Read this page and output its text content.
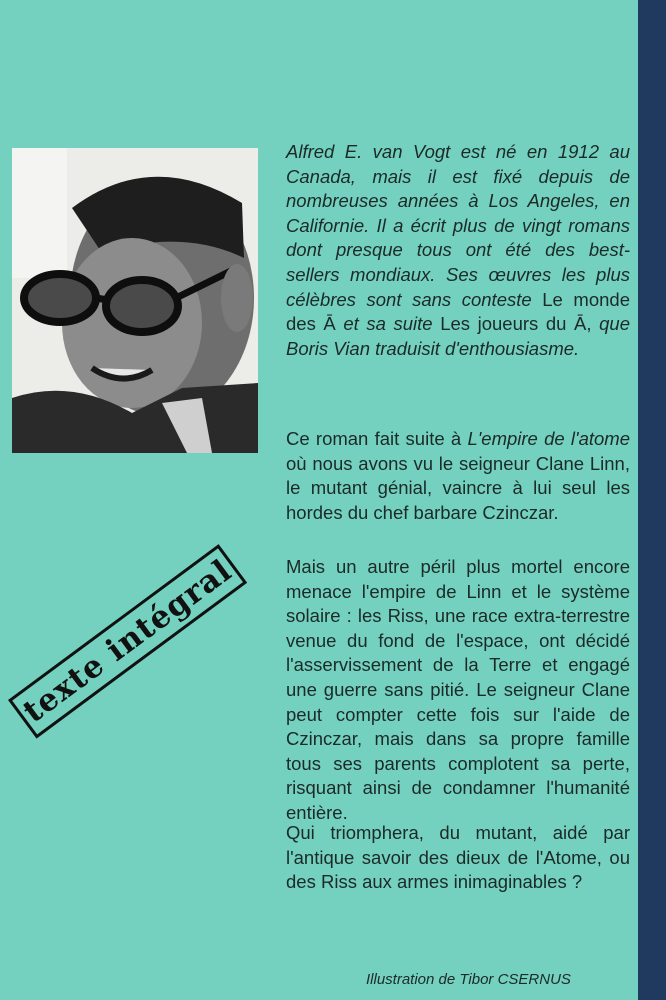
Alfred E. van Vogt est né en 1912 au Canada, mais il est fixé depuis de nombreuses années à Los Angeles, en Californie. Il a écrit plus de vingt romans dont presque tous ont été des best-sellers mondiaux. Ses œuvres les plus célèbres sont sans conteste Le monde des Ā et sa suite Les joueurs du Ā, que Boris Vian traduisit d'enthousiasme.
Ce roman fait suite à L'empire de l'atome où nous avons vu le seigneur Clane Linn, le mutant génial, vaincre à lui seul les hordes du chef barbare Czinczar.
Mais un autre péril plus mortel encore menace l'empire de Linn et le système solaire : les Riss, une race extra-terrestre venue du fond de l'espace, ont décidé l'asservissement de la Terre et engagé une guerre sans pitié. Le seigneur Clane peut compter cette fois sur l'aide de Czinczar, mais dans sa propre famille tous ses parents complotent sa perte, risquant ainsi de condamner l'humanité entière.
Qui triomphera, du mutant, aidé par l'antique savoir des dieux de l'Atome, ou des Riss aux armes inimaginables ?
texte intégral
Illustration de Tibor CSERNUS
